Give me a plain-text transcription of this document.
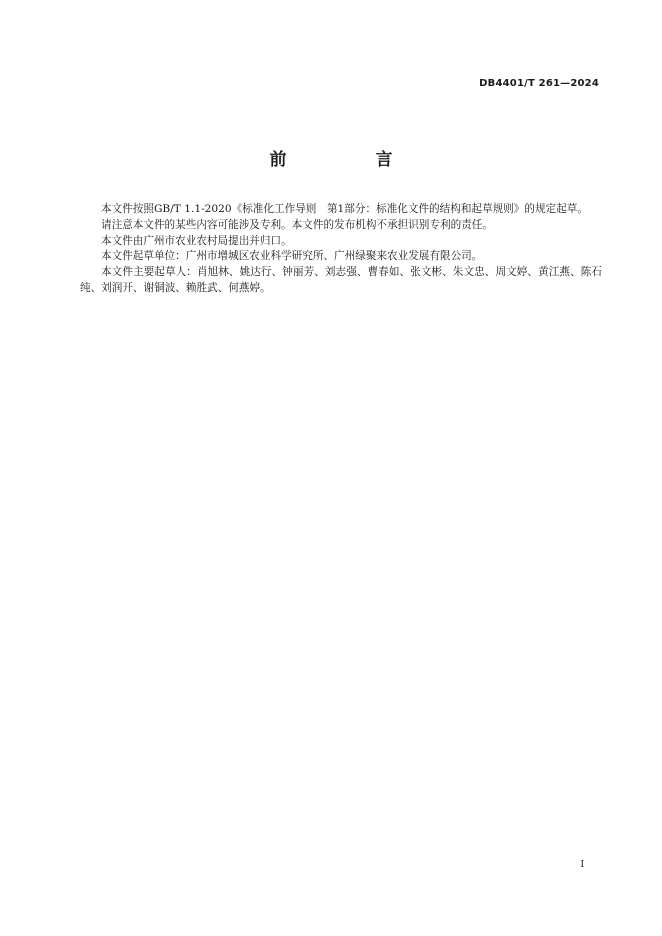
DB4401/T 261—2024
前　言

本文件按照GB/T 1.1-2020《标准化工作导则　第1部分：标准化文件的结构和起草规则》的规定起草。

请注意本文件的某些内容可能涉及专利。本文件的发布机构不承担识别专利的责任。

本文件由广州市农业农村局提出并归口。

本文件起草单位：广州市增城区农业科学研究所、广州绿聚来农业发展有限公司。

本文件主要起草人：肖旭林、姚达行、钟丽芳、刘志强、曹春如、张文彬、朱文忠、周文婷、黄江燕、陈石纯、刘润开、谢铜波、赖胜武、何燕婷。

I
